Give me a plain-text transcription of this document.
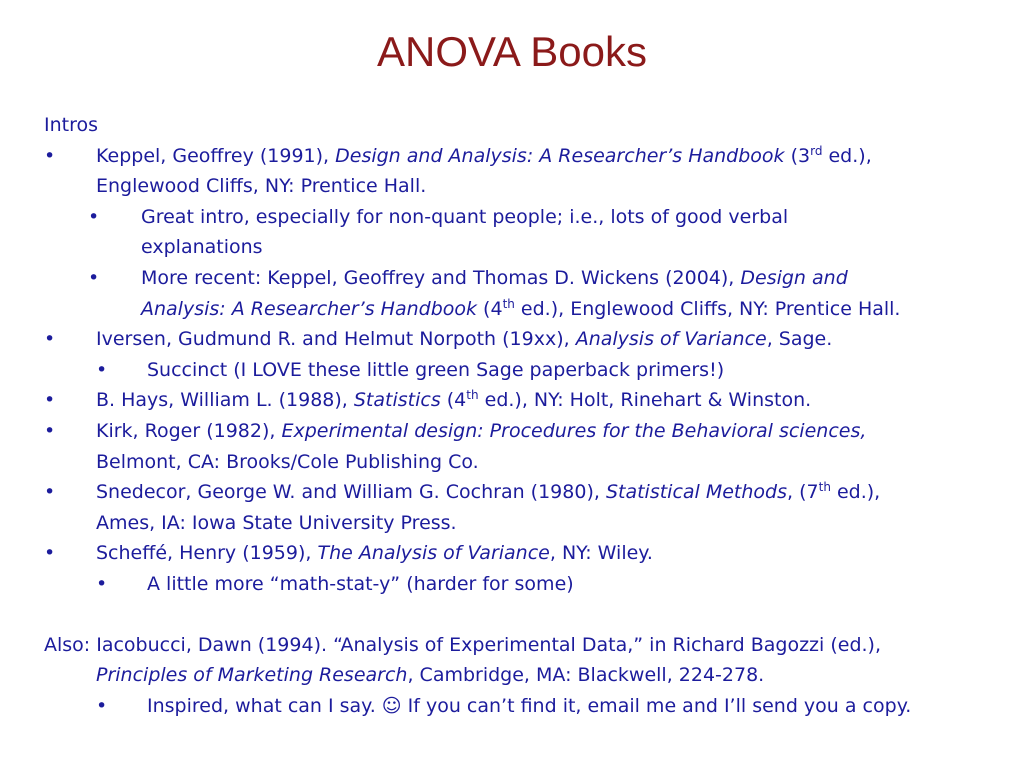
ANOVA Books
Intros
• Keppel, Geoffrey (1991), Design and Analysis: A Researcher’s Handbook (3rd ed.),
Englewood Cliffs, NY: Prentice Hall.
• Great intro, especially for non-quant people; i.e., lots of good verbal
explanations
• More recent: Keppel, Geoffrey and Thomas D. Wickens (2004), Design and
Analysis: A Researcher’s Handbook (4th ed.), Englewood Cliffs, NY: Prentice Hall.
• Iversen, Gudmund R. and Helmut Norpoth (19xx), Analysis of Variance, Sage.
• Succinct (I LOVE these little green Sage paperback primers!)
• B. Hays, William L. (1988), Statistics (4th ed.), NY: Holt, Rinehart & Winston.
• Kirk, Roger (1982), Experimental design: Procedures for the Behavioral sciences,
Belmont, CA: Brooks/Cole Publishing Co.
• Snedecor, George W. and William G. Cochran (1980), Statistical Methods, (7th ed.),
Ames, IA: Iowa State University Press.
• Scheffé, Henry (1959), The Analysis of Variance, NY: Wiley.
• A little more “math-stat-y” (harder for some)
Also: Iacobucci, Dawn (1994). “Analysis of Experimental Data,” in Richard Bagozzi (ed.),
Principles of Marketing Research, Cambridge, MA: Blackwell, 224-278.
• Inspired, what can I say. ☺ If you can’t find it, email me and I’ll send you a copy.
